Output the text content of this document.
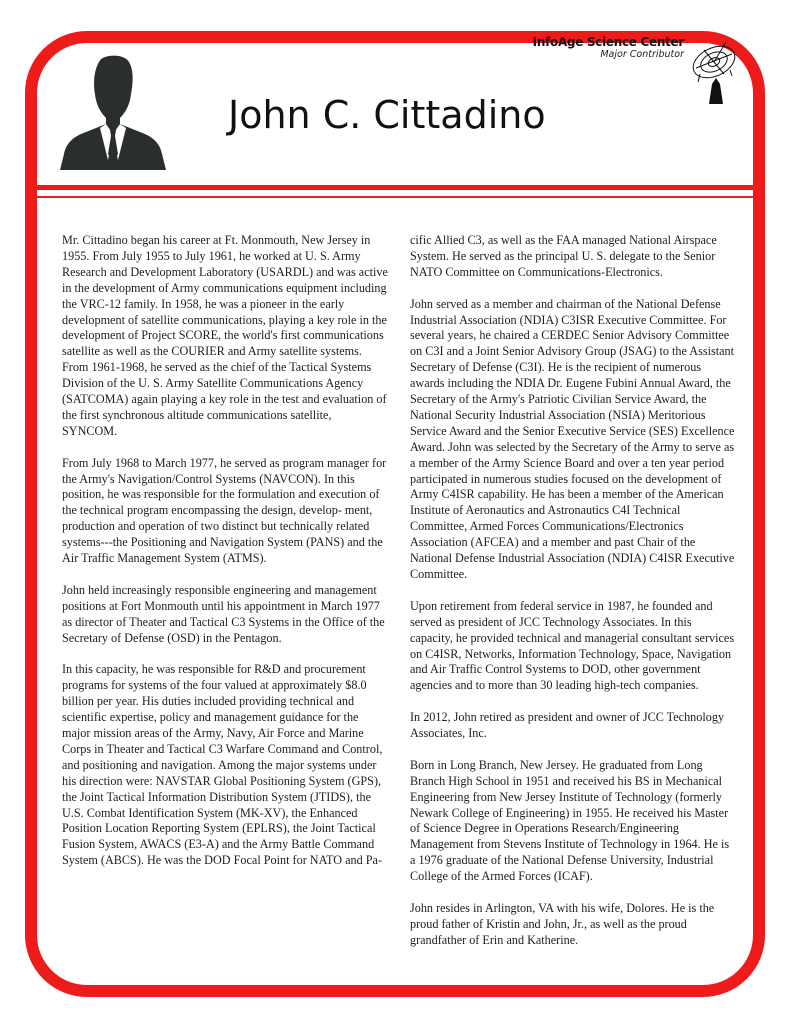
John C. Cittadino
InfoAge Science Center
Major Contributor

Mr. Cittadino began his career at Ft. Monmouth, New Jersey in 1955. From July 1955 to July 1961, he worked at U. S. Army Research and Development Laboratory (USARDL) and was active in the development of Army communications equipment including the VRC-12 family. In 1958, he was a pioneer in the early development of satellite communications, playing a key role in the development of Project SCORE, the world's first communications satellite as well as the COURIER and Army satellite systems. From 1961-1968, he served as the chief of the Tactical Systems Division of the U. S. Army Satellite Communications Agency (SATCOMA) again playing a key role in the test and evaluation of the first synchronous altitude communications satellite, SYNCOM.

From July 1968 to March 1977, he served as program manager for the Army's Navigation/Control Systems (NAVCON). In this position, he was responsible for the formulation and execution of the technical program encompassing the design, develop- ment, production and operation of two distinct but technically related systems---the Positioning and Navigation System (PANS) and the Air Traffic Management System (ATMS).

John held increasingly responsible engineering and management positions at Fort Monmouth until his appointment in March 1977 as director of Theater and Tactical C3 Systems in the Office of the Secretary of Defense (OSD) in the Pentagon.

In this capacity, he was responsible for R&D and procurement programs for systems of the four valued at approximately $8.0 billion per year. His duties included providing technical and scientific expertise, policy and management guidance for the major mission areas of the Army, Navy, Air Force and Marine Corps in Theater and Tactical C3 Warfare Command and Control, and positioning and navigation. Among the major systems under his direction were: NAVSTAR Global Positioning System (GPS), the Joint Tactical Information Distribution System (JTIDS), the U.S. Combat Identification System (MK-XV), the Enhanced Position Location Reporting System (EPLRS), the Joint Tactical Fusion System, AWACS (E3-A) and the Army Battle Command System (ABCS). He was the DOD Focal Point for NATO and Pa-

cific Allied C3, as well as the FAA managed National Airspace System. He served as the principal U. S. delegate to the Senior NATO Committee on Communications-Electronics.

John served as a member and chairman of the National Defense Industrial Association (NDIA) C3ISR Executive Committee. For several years, he chaired a CERDEC Senior Advisory Committee on C3I and a Joint Senior Advisory Group (JSAG) to the Assistant Secretary of Defense (C3I). He is the recipient of numerous awards including the NDIA Dr. Eugene Fubini Annual Award, the Secretary of the Army's Patriotic Civilian Service Award, the National Security Industrial Association (NSIA) Meritorious Service Award and the Senior Executive Service (SES) Excellence Award. John was selected by the Secretary of the Army to serve as a member of the Army Science Board and over a ten year period participated in numerous studies focused on the development of Army C4ISR capability. He has been a member of the American Institute of Aeronautics and Astronautics C4I Technical Committee, Armed Forces Communications/Electronics Association (AFCEA) and a member and past Chair of the National Defense Industrial Association (NDIA) C4ISR Executive Committee.

Upon retirement from federal service in 1987, he founded and served as president of JCC Technology Associates. In this capacity, he provided technical and managerial consultant services on C4ISR, Networks, Information Technology, Space, Navigation and Air Traffic Control Systems to DOD, other government agencies and to more than 30 leading high-tech companies.

In 2012, John retired as president and owner of JCC Technology Associates, Inc.

Born in Long Branch, New Jersey. He graduated from Long Branch High School in 1951 and received his BS in Mechanical Engineering from New Jersey Institute of Technology (formerly Newark College of Engineering) in 1955. He received his Master of Science Degree in Operations Research/Engineering Management from Stevens Institute of Technology in 1964. He is a 1976 graduate of the National Defense University, Industrial College of the Armed Forces (ICAF).

John resides in Arlington, VA with his wife, Dolores. He is the proud father of Kristin and John, Jr., as well as the proud grandfather of Erin and Katherine.
